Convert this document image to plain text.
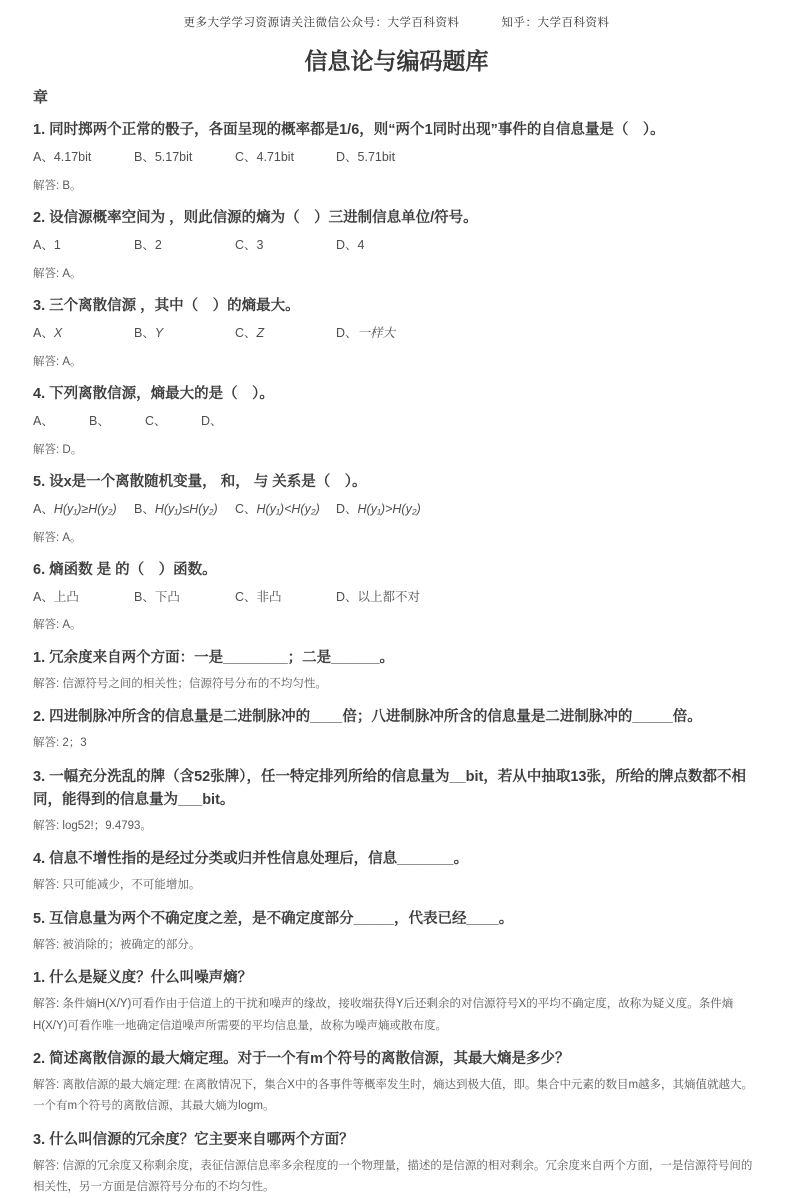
更多大学学习资源请关注微信公众号：大学百科资料	知乎：大学百科资料
信息论与编码题库
章

1. 同时掷两个正常的骰子，各面呈现的概率都是1/6，则“两个1同时出现”事件的自信息量是（　）。

A、4.17bit	B、5.17bit	C、4.71bit	D、5.71bit

解答: B。

2. 设信源概率空间为 ，则此信源的熵为（　）三进制信息单位/符号。

A、1	B、2	C、3	D、4

解答: A。

3. 三个离散信源 ，其中（　）的熵最大。

A、X	B、Y	C、Z	D、一样大

解答: A。

4. 下列离散信源，熵最大的是（　）。

A、	B、	C、	D、

解答: D。

5. 设x是一个离散随机变量， 和， 与 关系是（　）。

A、H(y₁)≥H(y₂) B、H(y₁)≤H(y₂) C、H(y₁)<H(y₂) D、H(y₁)>H(y₂)

解答: A。

6. 熵函数 是 的（　）函数。

A、上凸	B、下凸	C、非凸	D、以上都不对

解答: A。

1. 冗余度来自两个方面：一是________；二是______。

解答: 信源符号之间的相关性；信源符号分布的不均匀性。

2. 四进制脉冲所含的信息量是二进制脉冲的____倍；八进制脉冲所含的信息量是二进制脉冲的_____倍。

解答: 2；3

3. 一幅充分洗乱的牌（含52张牌），任一特定排列所给的信息量为__bit，若从中抽取13张，所给的牌点数都不相同，能得到的信息量为___bit。

解答: log52!；9.4793。

4. 信息不增性指的是经过分类或归并性信息处理后，信息_______。

解答: 只可能减少，不可能增加。

5. 互信息量为两个不确定度之差，是不确定度部分_____，代表已经____。

解答: 被消除的；被确定的部分。

1. 什么是疑义度？什么叫噪声熵？

解答: 条件熵H(X/Y)可看作由于信道上的干扰和噪声的缘故，接收端获得Y后还剩余的对信源符号X的平均不确定度，故称为疑义度。条件熵H(X/Y)可看作唯一地确定信道噪声所需要的平均信息量，故称为噪声熵或散布度。

2. 简述离散信源的最大熵定理。对于一个有m个符号的离散信源，其最大熵是多少？

解答: 离散信源的最大熵定理: 在离散情况下，集合X中的各事件等概率发生时，熵达到极大值，即。集合中元素的数目m越多，其熵值就越大。一个有m个符号的离散信源，其最大熵为logm。

3. 什么叫信源的冗余度？它主要来自哪两个方面？

解答: 信源的冗余度又称剩余度，表征信源信息率多余程度的一个物理量，描述的是信源的相对剩余。冗余度来自两个方面，一是信源符号间的相关性，另一方面是信源符号分布的不均匀性。
